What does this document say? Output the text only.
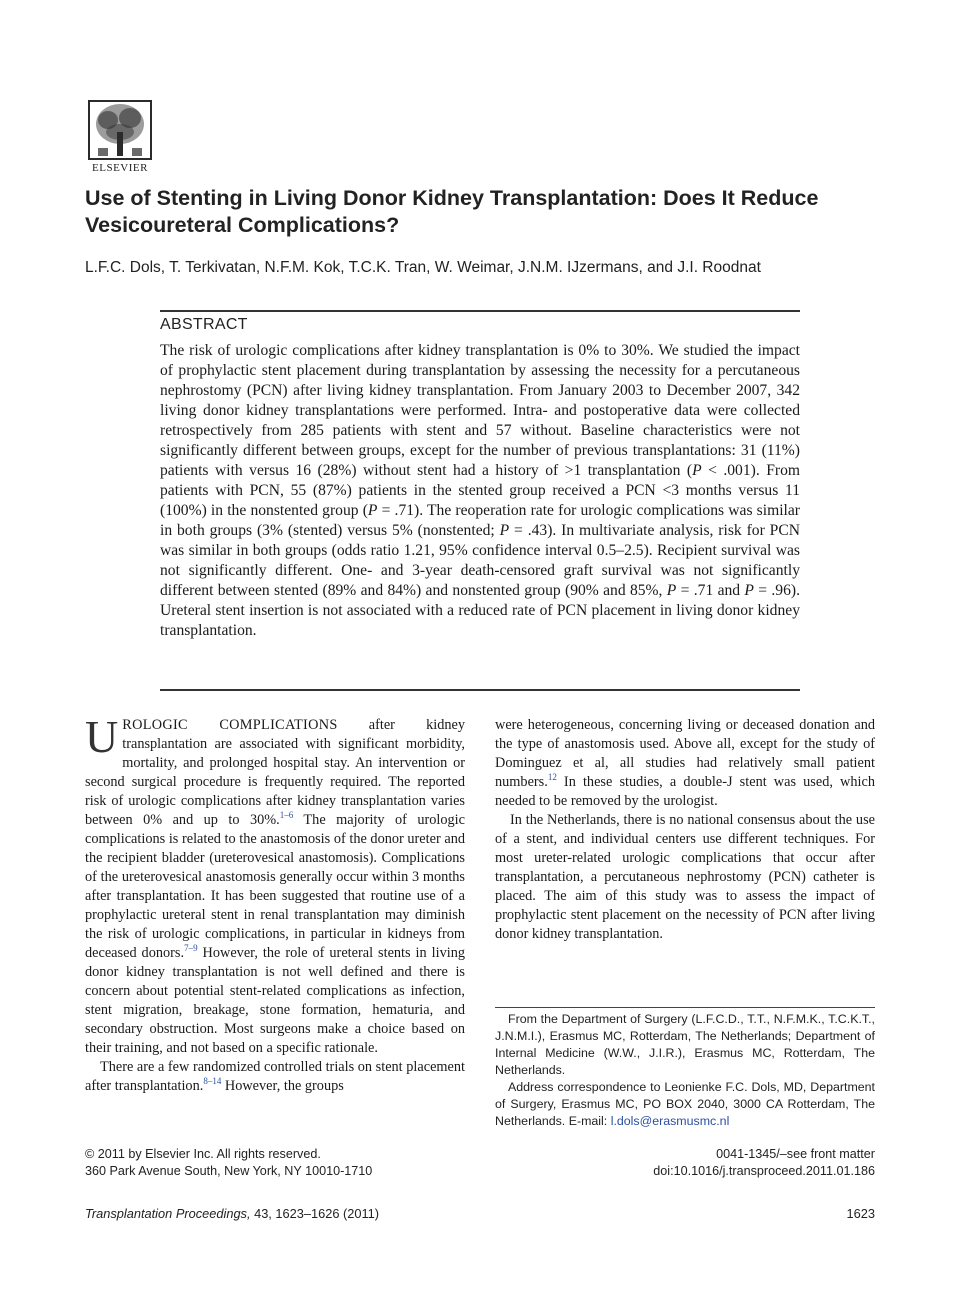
ELSEVIER
Use of Stenting in Living Donor Kidney Transplantation: Does It Reduce Vesicoureteral Complications?
L.F.C. Dols, T. Terkivatan, N.F.M. Kok, T.C.K. Tran, W. Weimar, J.N.M. IJzermans, and J.I. Roodnat
ABSTRACT

The risk of urologic complications after kidney transplantation is 0% to 30%. We studied the impact of prophylactic stent placement during transplantation by assessing the necessity for a percutaneous nephrostomy (PCN) after living kidney transplantation. From January 2003 to December 2007, 342 living donor kidney transplantations were performed. Intra- and postoperative data were collected retrospectively from 285 patients with stent and 57 without. Baseline characteristics were not significantly different between groups, except for the number of previous transplantations: 31 (11%) patients with versus 16 (28%) without stent had a history of >1 transplantation (P < .001). From patients with PCN, 55 (87%) patients in the stented group received a PCN <3 months versus 11 (100%) in the nonstented group (P = .71). The reoperation rate for urologic complications was similar in both groups (3% (stented) versus 5% (nonstented; P = .43). In multivariate analysis, risk for PCN was similar in both groups (odds ratio 1.21, 95% confidence interval 0.5–2.5). Recipient survival was not significantly different. One- and 3-year death-censored graft survival was not significantly different between stented (89% and 84%) and nonstented group (90% and 85%, P = .71 and P = .96). Ureteral stent insertion is not associated with a reduced rate of PCN placement in living donor kidney transplantation.

UROLOGIC COMPLICATIONS after kidney transplantation are associated with significant morbidity, mortality, and prolonged hospital stay. An intervention or second surgical procedure is frequently required. The reported risk of urologic complications after kidney transplantation varies between 0% and up to 30%.$^{1-6}$ The majority of urologic complications is related to the anastomosis of the donor ureter and the recipient bladder (ureterovesical anastomosis). Complications of the ureterovesical anastomosis generally occur within 3 months after transplantation. It has been suggested that routine use of a prophylactic ureteral stent in renal transplantation may diminish the risk of urologic complications, in particular in kidneys from deceased donors.$^{7-9}$ However, the role of ureteral stents in living donor kidney transplantation is not well defined and there is concern about potential stent-related complications as infection, stent migration, breakage, stone formation, hematuria, and secondary obstruction. Most surgeons make a choice based on their training, and not based on a specific rationale.

There are a few randomized controlled trials on stent placement after transplantation.$^{8-14}$ However, the groups

were heterogeneous, concerning living or deceased donation and the type of anastomosis used. Above all, except for the study of Dominguez et al, all studies had relatively small patient numbers.$^{12}$ In these studies, a double-J stent was used, which needed to be removed by the urologist.

In the Netherlands, there is no national consensus about the use of a stent, and individual centers use different techniques. For most ureter-related urologic complications that occur after transplantation, a percutaneous nephrostomy (PCN) catheter is placed. The aim of this study was to assess the impact of prophylactic stent placement on the necessity of PCN after living donor kidney transplantation.

From the Department of Surgery (L.F.C.D., T.T., N.F.M.K., T.C.K.T., J.N.M.I.), Erasmus MC, Rotterdam, The Netherlands; Department of Internal Medicine (W.W., J.I.R.), Erasmus MC, Rotterdam, The Netherlands.

Address correspondence to Leonienke F.C. Dols, MD, Department of Surgery, Erasmus MC, PO BOX 2040, 3000 CA Rotterdam, The Netherlands. E-mail: l.dols@erasmusmc.nl

© 2011 by Elsevier Inc. All rights reserved.
360 Park Avenue South, New York, NY 10010-1710
0041-1345/–see front matter
doi:10.1016/j.transproceed.2011.01.186
Transplantation Proceedings, 43, 1623–1626 (2011)	1623
